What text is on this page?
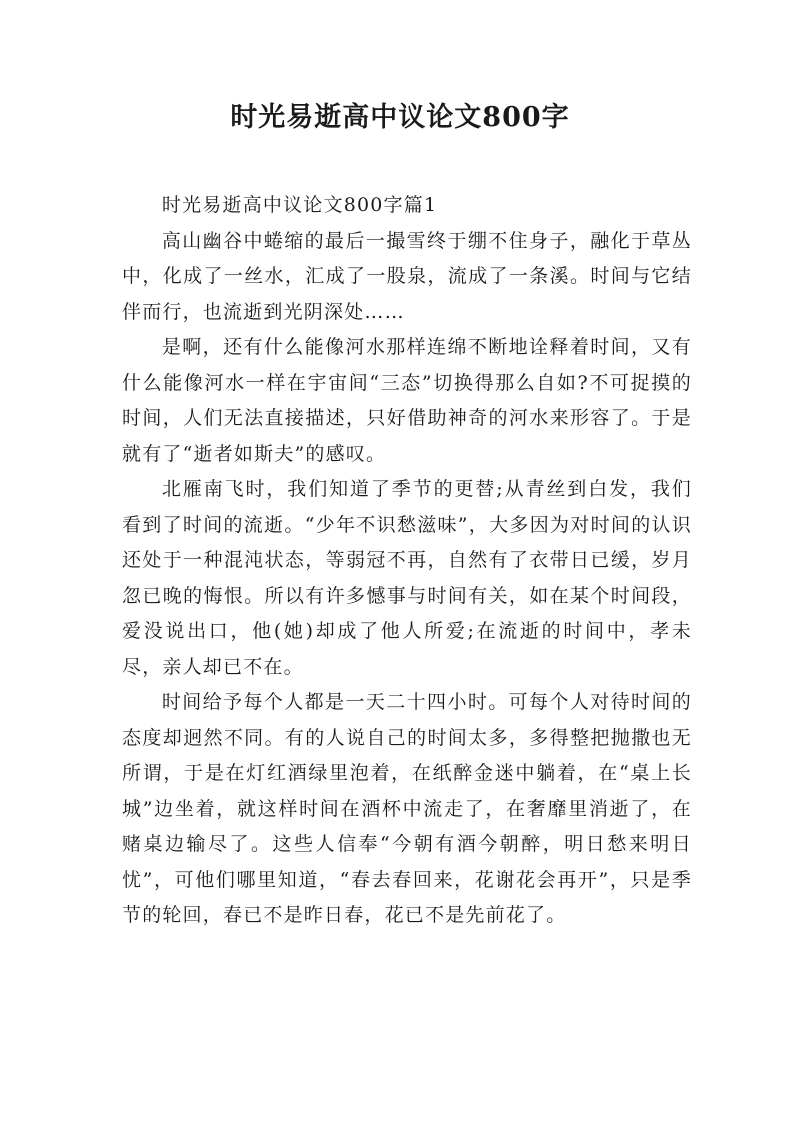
时光易逝高中议论文800字

时光易逝高中议论文800字篇1

高山幽谷中蜷缩的最后一撮雪终于绷不住身子，融化于草丛中，化成了一丝水，汇成了一股泉，流成了一条溪。时间与它结伴而行，也流逝到光阴深处……

是啊，还有什么能像河水那样连绵不断地诠释着时间，又有什么能像河水一样在宇宙间“三态”切换得那么自如?不可捉摸的时间，人们无法直接描述，只好借助神奇的河水来形容了。于是就有了“逝者如斯夫”的感叹。

北雁南飞时，我们知道了季节的更替;从青丝到白发，我们看到了时间的流逝。“少年不识愁滋味”，大多因为对时间的认识还处于一种混沌状态，等弱冠不再，自然有了衣带日已缓，岁月忽已晚的悔恨。所以有许多憾事与时间有关，如在某个时间段，爱没说出口，他(她)却成了他人所爱;在流逝的时间中，孝未尽，亲人却已不在。

时间给予每个人都是一天二十四小时。可每个人对待时间的态度却迥然不同。有的人说自己的时间太多，多得整把抛撒也无所谓，于是在灯红酒绿里泡着，在纸醉金迷中躺着，在“桌上长城”边坐着，就这样时间在酒杯中流走了，在奢靡里消逝了，在赌桌边输尽了。这些人信奉“今朝有酒今朝醉，明日愁来明日忧”，可他们哪里知道，“春去春回来，花谢花会再开”，只是季节的轮回，春已不是昨日春，花已不是先前花了。
